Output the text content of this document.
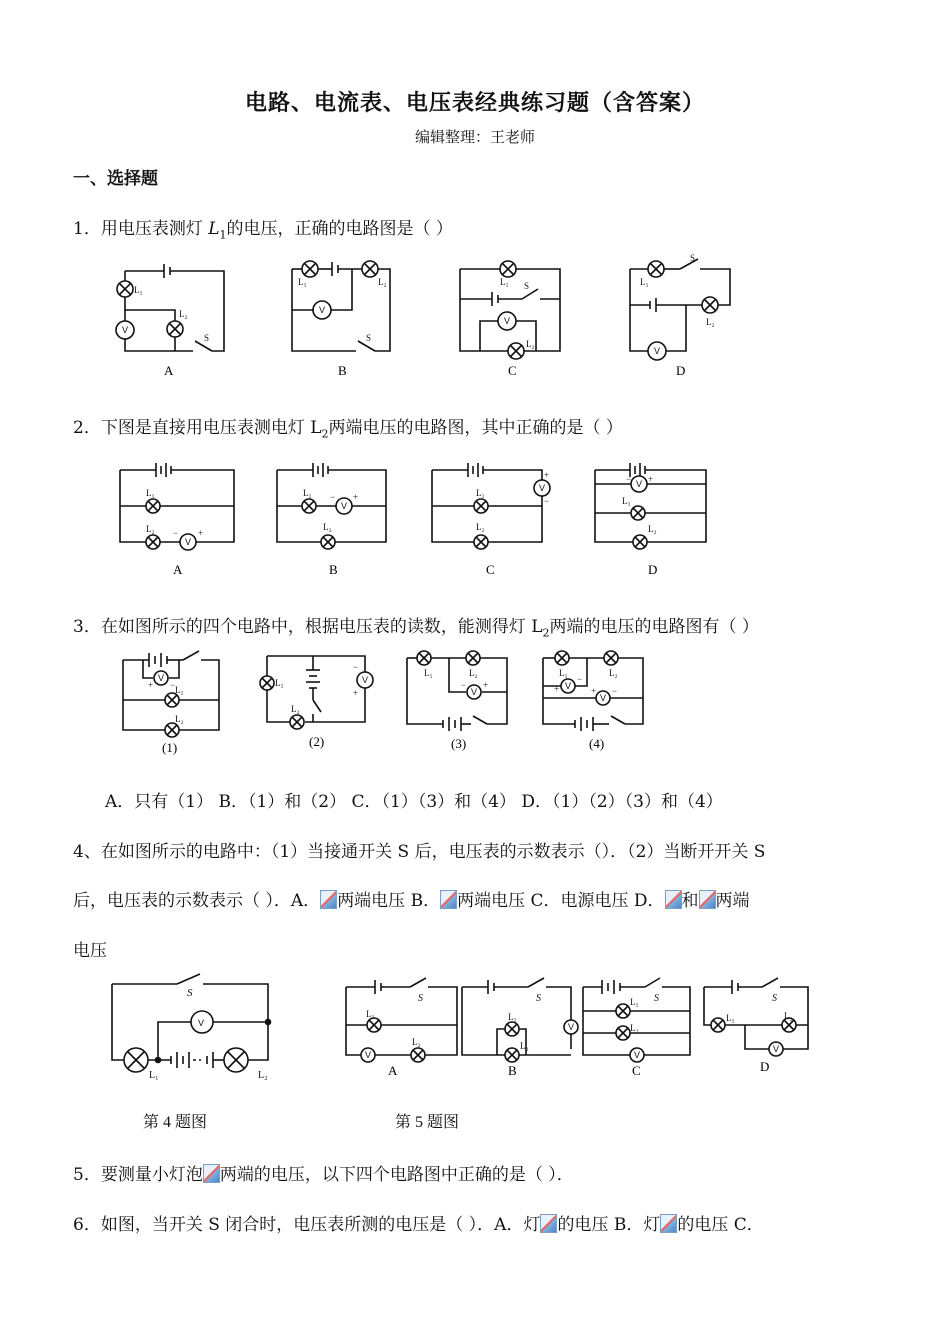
电路、电流表、电压表经典练习题（含答案）
编辑整理：王老师
一、选择题
1．用电压表测灯 $L_1$的电压，正确的电路图是（ ）
L₁
L₂
V
S
A
L₁	L₂
V
S
B
L₁
L₂
V
S
C
L₁
L₂
V
S
D
2．下图是直接用电压表测电灯 $L_2$两端电压的电路图，其中正确的是（ ）
L₁
L₂
V
− +
A
L₁
L₂
V
− +
B
L₁
L₂
V
+
−
C
V
− +
L₁
L₂
D
3．在如图所示的四个电路中，根据电压表的读数，能测得灯 $L_2$两端的电压的电路图有（ ）
V
+ − L₁
L₂
(1)
V
−
+
L₁
L₂
(2)
V
− +
L₁	L₂
(3)
V
+
−
V
+ −
L₁	L₂
(4)
A．只有（1） B．（1）和（2） C．（1）（3）和（4） D．（1）（2）（3）和（4）
4、在如图所示的电路中：（1）当接通开关 S 后，电压表的示数表示（）．（2）当断开开关 S
后，电压表的示数表示（ ）．A． 两端电压 B． 两端电压 C．电源电压 D． 和 两端
电压
V
S
L₁	L₂
V
L₁
L₂
S
A
V
L₁
L₂
S
B
V
L₁
L₂
S
C
V
L₁	L₂
S
D
第 4 题图	第 5 题图
5．要测量小灯泡 两端的电压，以下四个电路图中正确的是（ ）．
6．如图，当开关 S 闭合时，电压表所测的电压是（ ）．A．灯 的电压 B．灯 的电压 C．
